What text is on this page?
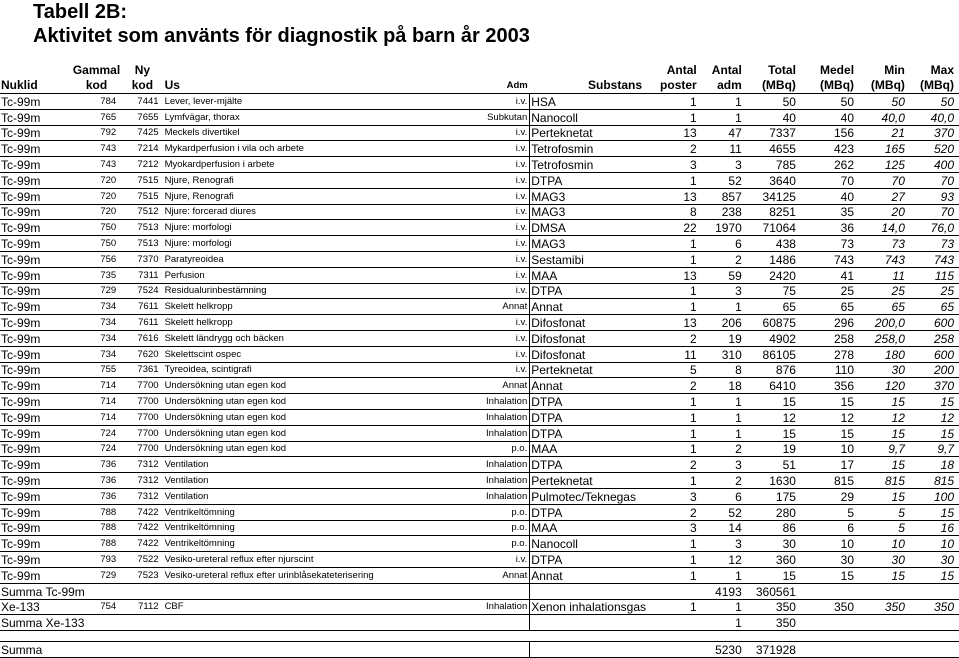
Tabell 2B:
Aktivitet som använts för diagnostik på barn år 2003
	Gammal	Ny				Antal	Antal	Total	Medel	Min	Max
Nuklid	kod	kod	Us	Adm	Substans	poster	adm	(MBq)	(MBq)	(MBq)	(MBq)
Tc-99m	784	7441	Lever, lever-mjälte	i.v.	HSA	1	1	50	50	50	50
Tc-99m	765	7655	Lymfvägar, thorax	Subkutan	Nanocoll	1	1	40	40	40,0	40,0
Tc-99m	792	7425	Meckels divertikel	i.v.	Perteknetat	13	47	7337	156	21	370
Tc-99m	743	7214	Mykardperfusion i vila och arbete	i.v.	Tetrofosmin	2	11	4655	423	165	520
Tc-99m	743	7212	Myokardperfusion i arbete	i.v.	Tetrofosmin	3	3	785	262	125	400
Tc-99m	720	7515	Njure, Renografi	i.v.	DTPA	1	52	3640	70	70	70
Tc-99m	720	7515	Njure, Renografi	i.v.	MAG3	13	857	34125	40	27	93
Tc-99m	720	7512	Njure: forcerad diures	i.v.	MAG3	8	238	8251	35	20	70
Tc-99m	750	7513	Njure: morfologi	i.v.	DMSA	22	1970	71064	36	14,0	76,0
Tc-99m	750	7513	Njure: morfologi	i.v.	MAG3	1	6	438	73	73	73
Tc-99m	756	7370	Paratyreoidea	i.v.	Sestamibi	1	2	1486	743	743	743
Tc-99m	735	7311	Perfusion	i.v.	MAA	13	59	2420	41	11	115
Tc-99m	729	7524	Residualurinbestämning	i.v.	DTPA	1	3	75	25	25	25
Tc-99m	734	7611	Skelett helkropp	Annat	Annat	1	1	65	65	65	65
Tc-99m	734	7611	Skelett helkropp	i.v.	Difosfonat	13	206	60875	296	200,0	600
Tc-99m	734	7616	Skelett ländrygg och bäcken	i.v.	Difosfonat	2	19	4902	258	258,0	258
Tc-99m	734	7620	Skelettscint ospec	i.v.	Difosfonat	11	310	86105	278	180	600
Tc-99m	755	7361	Tyreoidea, scintigrafi	i.v.	Perteknetat	5	8	876	110	30	200
Tc-99m	714	7700	Undersökning utan egen kod	Annat	Annat	2	18	6410	356	120	370
Tc-99m	714	7700	Undersökning utan egen kod	Inhalation	DTPA	1	1	15	15	15	15
Tc-99m	714	7700	Undersökning utan egen kod	Inhalation	DTPA	1	1	12	12	12	12
Tc-99m	724	7700	Undersökning utan egen kod	Inhalation	DTPA	1	1	15	15	15	15
Tc-99m	724	7700	Undersökning utan egen kod	p.o.	MAA	1	2	19	10	9,7	9,7
Tc-99m	736	7312	Ventilation	Inhalation	DTPA	2	3	51	17	15	18
Tc-99m	736	7312	Ventilation	Inhalation	Perteknetat	1	2	1630	815	815	815
Tc-99m	736	7312	Ventilation	Inhalation	Pulmotec/Teknegas	3	6	175	29	15	100
Tc-99m	788	7422	Ventrikeltömning	p.o.	DTPA	2	52	280	5	5	15
Tc-99m	788	7422	Ventrikeltömning	p.o.	MAA	3	14	86	6	5	16
Tc-99m	788	7422	Ventrikeltömning	p.o.	Nanocoll	1	3	30	10	10	10
Tc-99m	793	7522	Vesiko-ureteral reflux efter njurscint	i.v.	DTPA	1	12	360	30	30	30
Tc-99m	729	7523	Vesiko-ureteral reflux efter urinblåsekateterisering	Annat	Annat	1	1	15	15	15	15
Summa Tc-99m							4193	360561			
Xe-133	754	7112	CBF	Inhalation	Xenon inhalationsgas	1	1	350	350	350	350
Summa Xe-133							1	350			

Summa							5230	371928			
